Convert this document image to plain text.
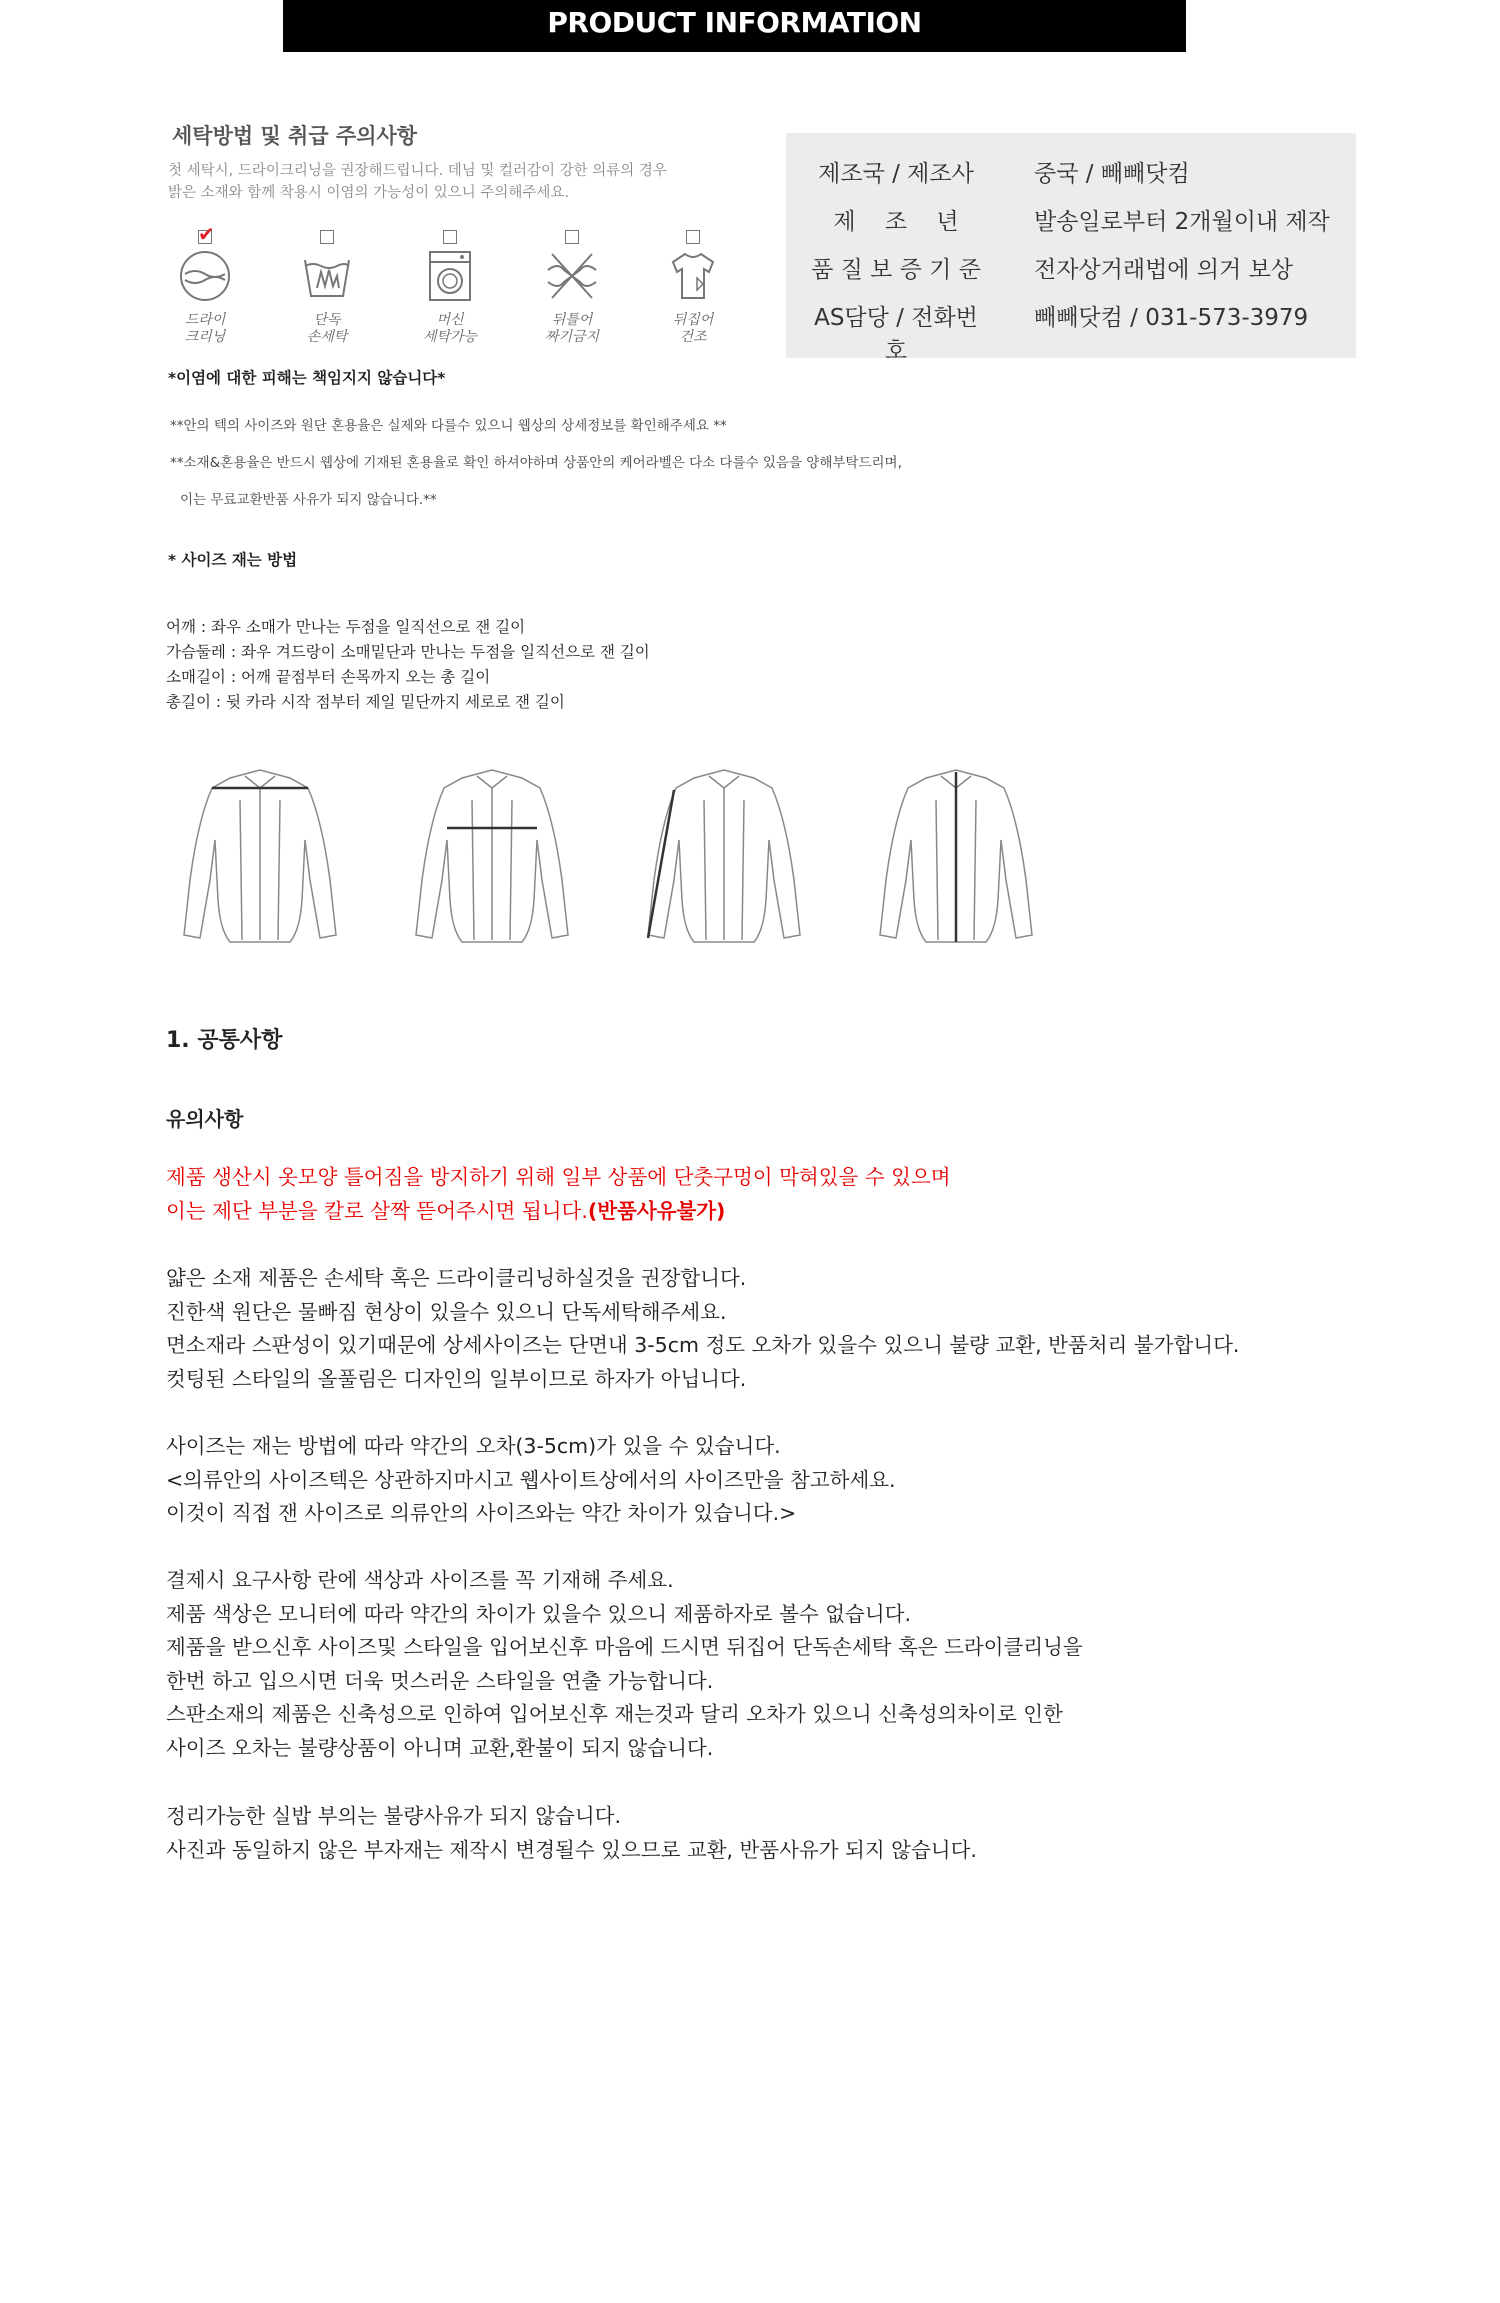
PRODUCT INFORMATION
세탁방법 및 취급 주의사항
첫 세탁시, 드라이크리닝을 권장해드립니다. 데님 및 컬러감이 강한 의류의 경우
밝은 소재와 함께 착용시 이염의 가능성이 있으니 주의해주세요.
✔
드라이
크리닝
단독
손세탁
머신
세탁가능
뒤틀어
짜기금지
뒤집어
건조
*이염에 대한 피해는 책임지지 않습니다*
**안의 텍의 사이즈와 원단 혼용율은 실제와 다를수 있으니 웹상의 상세정보를 확인해주세요 **
**소재&혼용율은 반드시 웹상에 기재된 혼용율로 확인 하셔야하며 상품안의 케어라벨은 다소 다를수 있음을 양해부탁드리며,
이는 무료교환반품 사유가 되지 않습니다.**
제조국 / 제조사	중국 / 빼빼닷컴
제    조    년	발송일로부터 2개월이내 제작
품 질 보 증 기 준 전자상거래법에 의거 보상
AS담당 / 전화번호
빼빼닷컴 / 031-573-3979
* 사이즈 재는 방법
어깨 : 좌우 소매가 만나는 두점을 일직선으로 잰 길이
가슴둘레 : 좌우 겨드랑이 소매밑단과 만나는 두점을 일직선으로 잰 길이
소매길이 : 어깨 끝점부터 손목까지 오는 총 길이
총길이 : 뒷 카라 시작 점부터 제일 밑단까지 세로로 잰 길이
1. 공통사항
유의사항
제품 생산시 옷모양 틀어짐을 방지하기 위해 일부 상품에 단춧구멍이 막혀있을 수 있으며
이는 제단 부분을 칼로 살짝 뜯어주시면 됩니다.(반품사유불가)
얇은 소재 제품은 손세탁 혹은 드라이클리닝하실것을 권장합니다.
진한색 원단은 물빠짐 현상이 있을수 있으니 단독세탁해주세요.
면소재라 스판성이 있기때문에 상세사이즈는 단면내 3-5cm 정도 오차가 있을수 있으니 불량 교환, 반품처리 불가합니다.
컷팅된 스타일의 올풀림은 디자인의 일부이므로 하자가 아닙니다.
사이즈는 재는 방법에 따라 약간의 오차(3-5cm)가 있을 수 있습니다.
<의류안의 사이즈텍은 상관하지마시고 웹사이트상에서의 사이즈만을 참고하세요.
이것이 직접 잰 사이즈로 의류안의 사이즈와는 약간 차이가 있습니다.>
결제시 요구사항 란에 색상과 사이즈를 꼭 기재해 주세요.
제품 색상은 모니터에 따라 약간의 차이가 있을수 있으니 제품하자로 볼수 없습니다.
제품을 받으신후 사이즈및 스타일을 입어보신후 마음에 드시면 뒤집어 단독손세탁 혹은 드라이클리닝을
한번 하고 입으시면 더욱 멋스러운 스타일을 연출 가능합니다.
스판소재의 제품은 신축성으로 인하여 입어보신후 재는것과 달리 오차가 있으니 신축성의차이로 인한
사이즈 오차는 불량상품이 아니며 교환,환불이 되지 않습니다.
정리가능한 실밥 부의는 불량사유가 되지 않습니다.
사진과 동일하지 않은 부자재는 제작시 변경될수 있으므로 교환, 반품사유가 되지 않습니다.
